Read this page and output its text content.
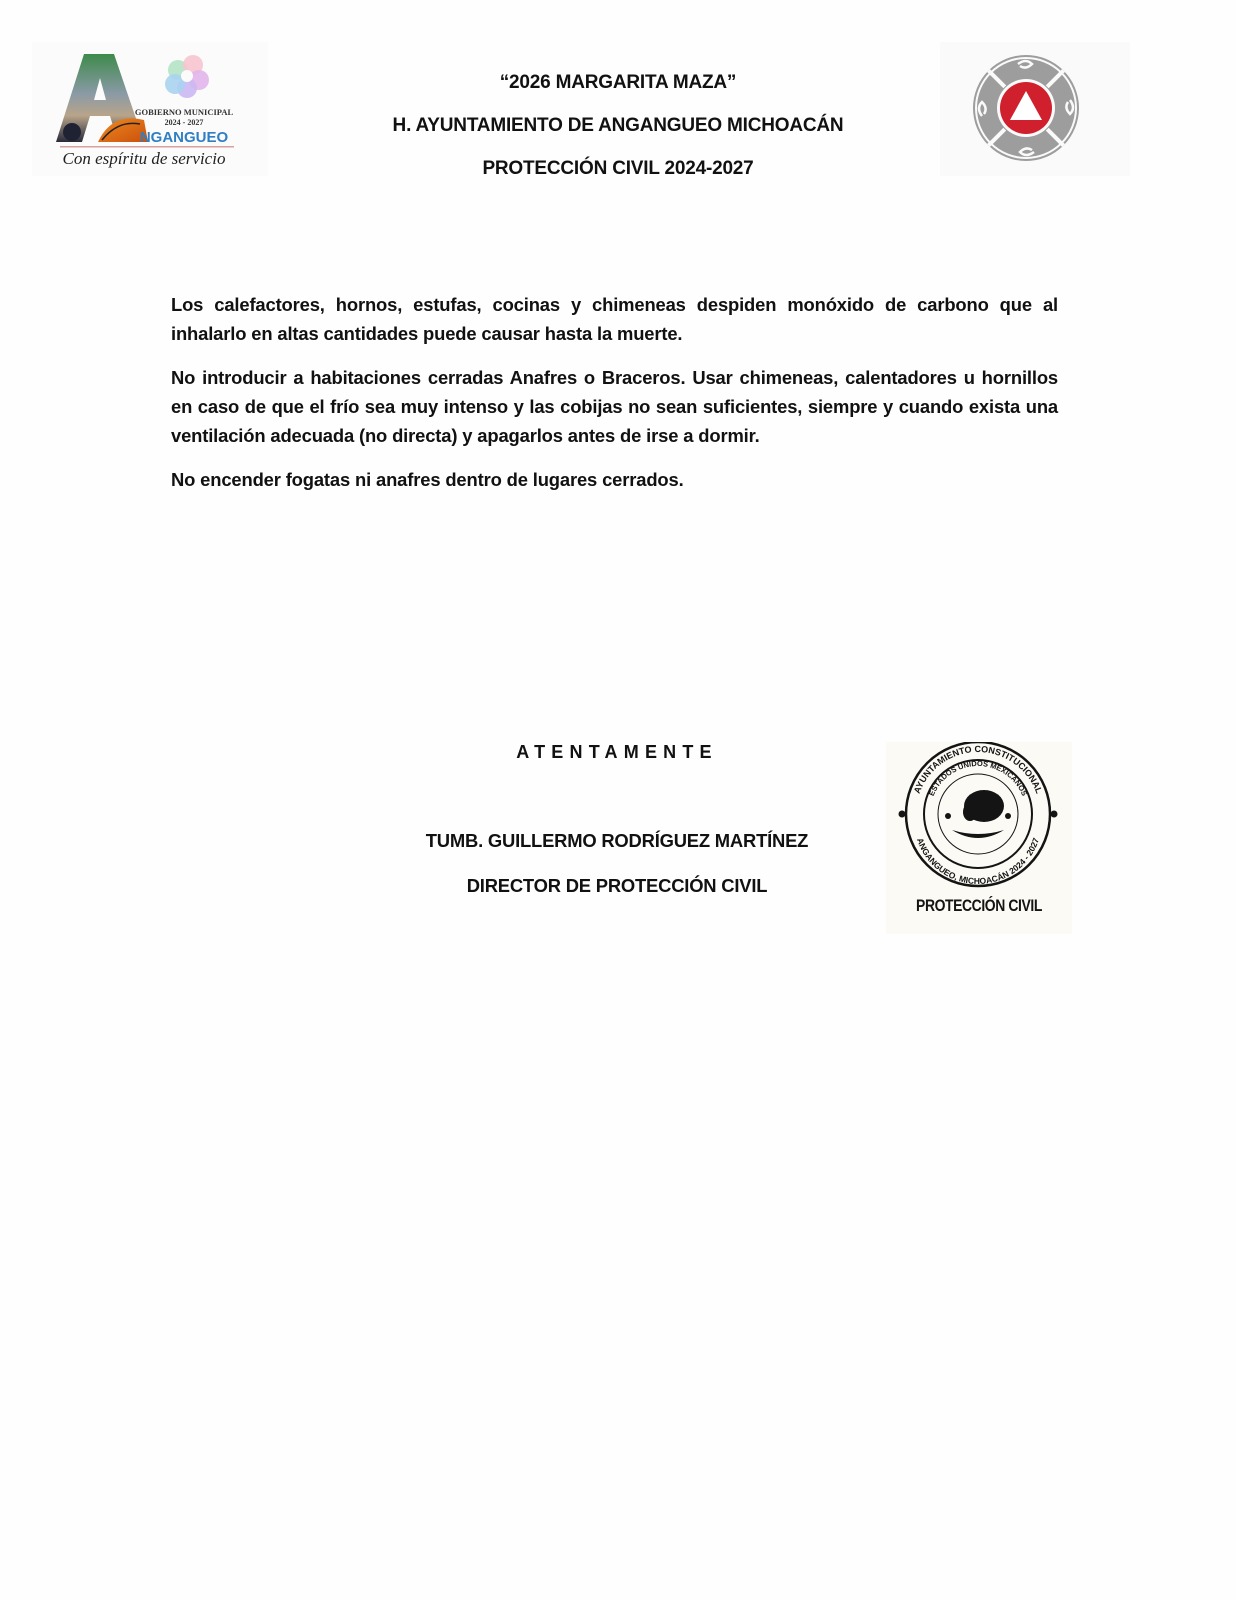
GOBIERNO MUNICIPAL
2024 - 2027
NGANGUEO
Con espíritu de servicio

“2026 MARGARITA MAZA”

H. AYUNTAMIENTO DE ANGANGUEO MICHOACÁN

PROTECCIÓN CIVIL 2024-2027

Los calefactores, hornos, estufas, cocinas y chimeneas despiden monóxido de carbono que al inhalarlo en altas cantidades puede causar hasta la muerte.

No introducir a habitaciones cerradas Anafres o Braceros. Usar chimeneas, calentadores u hornillos en caso de que el frío sea muy intenso y las cobijas no sean suficientes, siempre y cuando exista una ventilación adecuada (no directa) y apagarlos antes de irse a dormir.

No encender fogatas ni anafres dentro de lugares cerrados.

ATENTAMENTE
TUMB. GUILLERMO RODRÍGUEZ MARTÍNEZ
DIRECTOR DE PROTECCIÓN CIVIL
AYUNTAMIENTO CONSTITUCIONAL
ESTADOS UNIDOS MEXICANOS
ANGANGUEO, MICHOACÁN 2024 - 2027
PROTECCIÓN CIVIL
